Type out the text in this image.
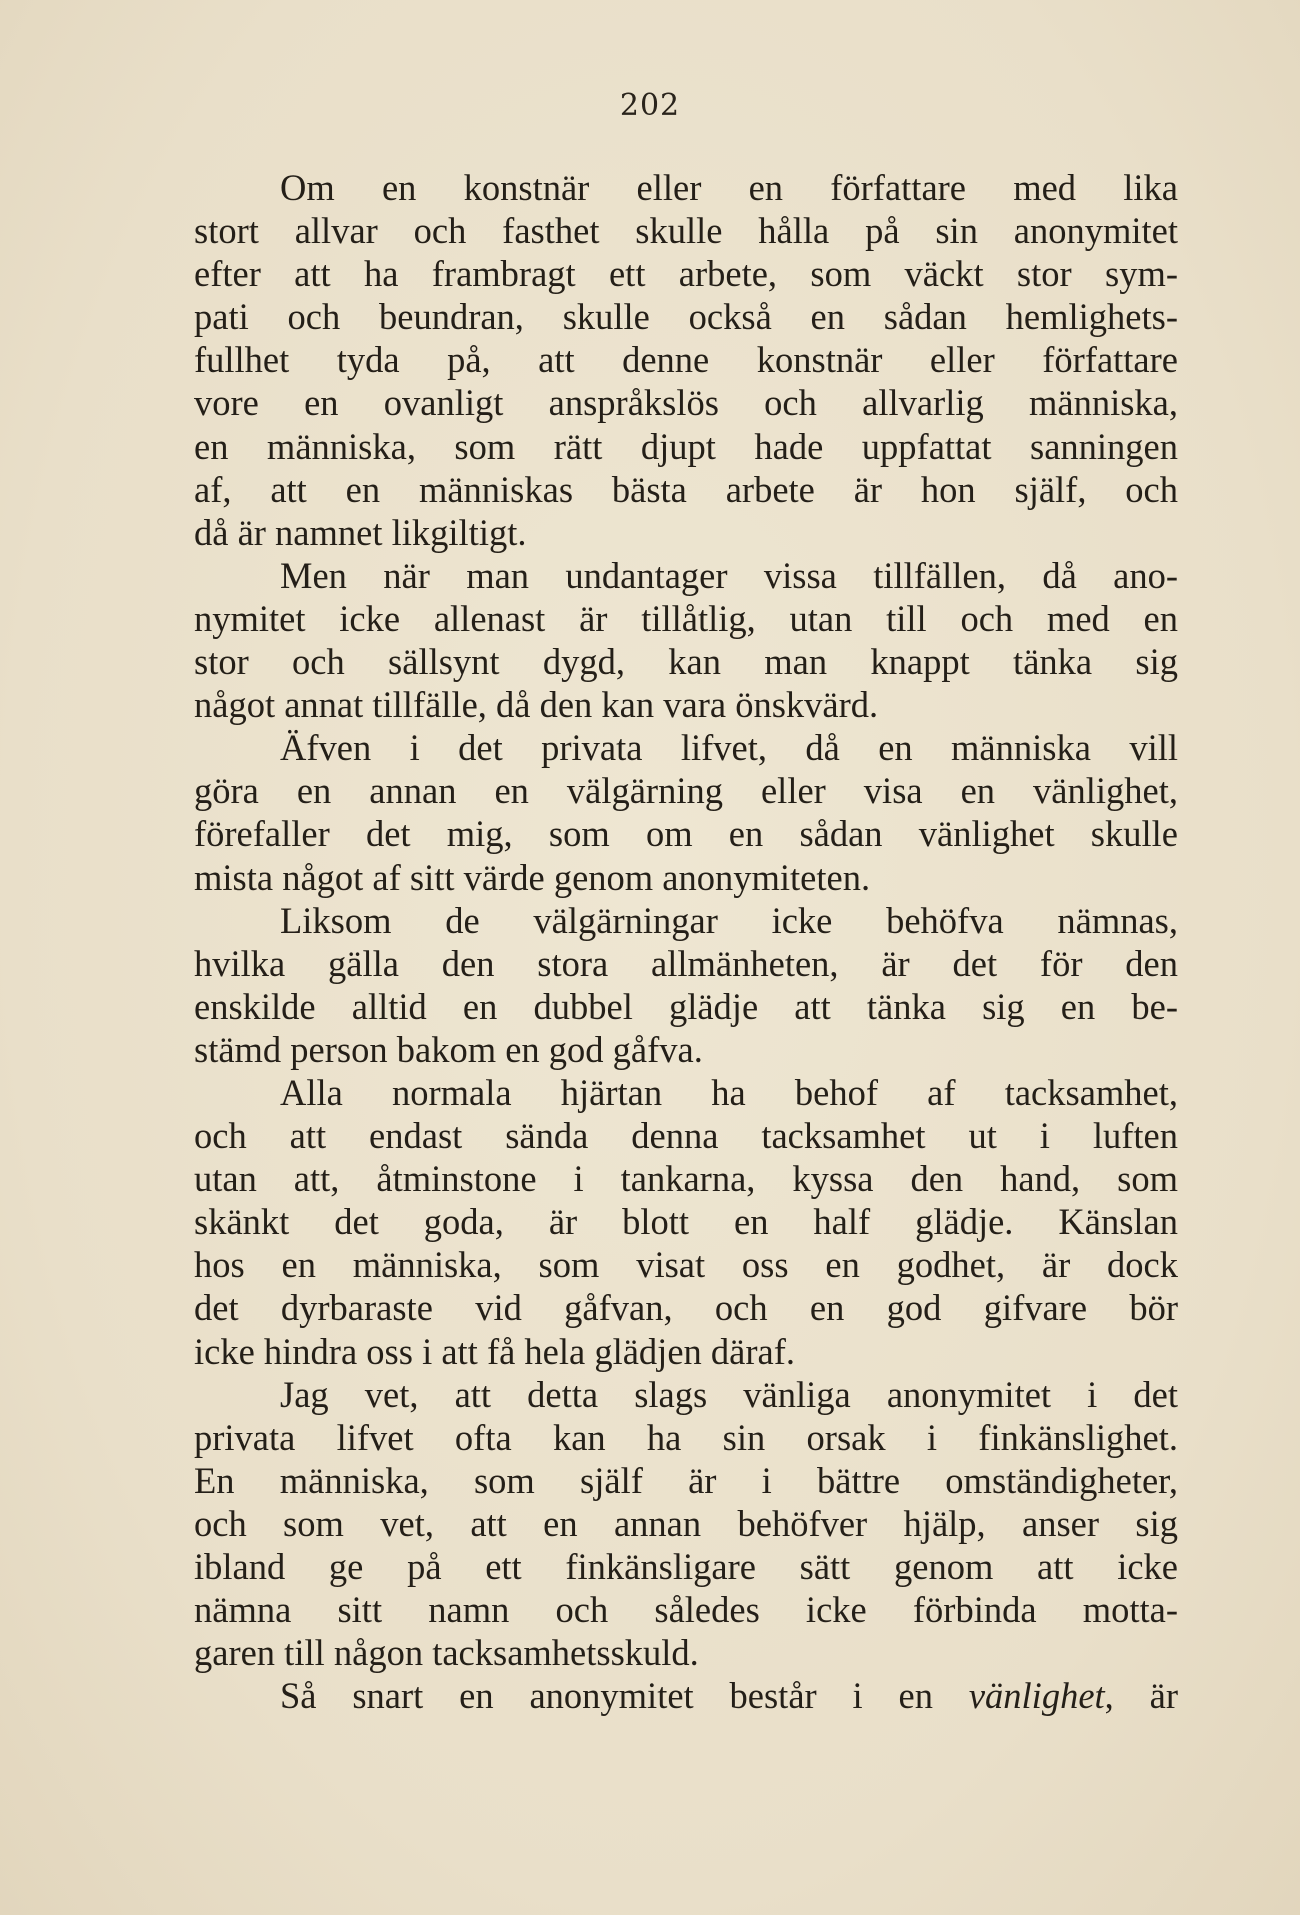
202
Om en konstnär eller en författare med lika
stort allvar och fasthet skulle hålla på sin anonymitet
efter att ha frambragt ett arbete, som väckt stor sym-
pati och beundran, skulle också en sådan hemlighets-
fullhet tyda på, att denne konstnär eller författare
vore en ovanligt anspråkslös och allvarlig människa,
en människa, som rätt djupt hade uppfattat sanningen
af, att en människas bästa arbete är hon själf, och
då är namnet likgiltigt.
Men när man undantager vissa tillfällen, då ano-
nymitet icke allenast är tillåtlig, utan till och med en
stor och sällsynt dygd, kan man knappt tänka sig
något annat tillfälle, då den kan vara önskvärd.
Äfven i det privata lifvet, då en människa vill
göra en annan en välgärning eller visa en vänlighet,
förefaller det mig, som om en sådan vänlighet skulle
mista något af sitt värde genom anonymiteten.
Liksom de välgärningar icke behöfva nämnas,
hvilka gälla den stora allmänheten, är det för den
enskilde alltid en dubbel glädje att tänka sig en be-
stämd person bakom en god gåfva.
Alla normala hjärtan ha behof af tacksamhet,
och att endast sända denna tacksamhet ut i luften
utan att, åtminstone i tankarna, kyssa den hand, som
skänkt det goda, är blott en half glädje. Känslan
hos en människa, som visat oss en godhet, är dock
det dyrbaraste vid gåfvan, och en god gifvare bör
icke hindra oss i att få hela glädjen däraf.
Jag vet, att detta slags vänliga anonymitet i det
privata lifvet ofta kan ha sin orsak i finkänslighet.
En människa, som själf är i bättre omständigheter,
och som vet, att en annan behöfver hjälp, anser sig
ibland ge på ett finkänsligare sätt genom att icke
nämna sitt namn och således icke förbinda motta-
garen till någon tacksamhetsskuld.
Så snart en anonymitet består i en vänlighet, är
